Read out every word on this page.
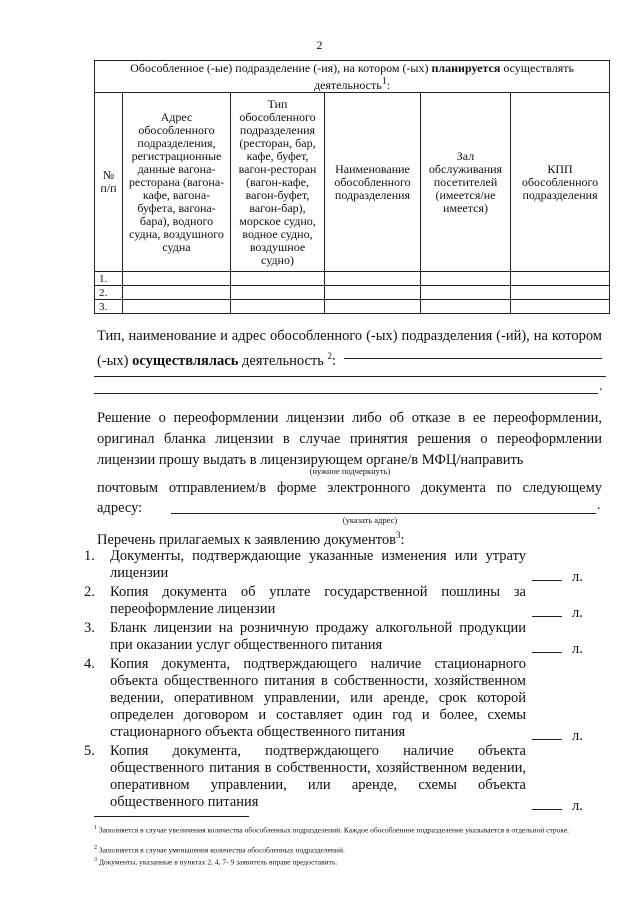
2
Обособленное (-ые) подразделение (-ия), на котором (-ых) планируется осуществлять деятельность$^1$:					
№ п/п	Адрес обособленного подразделения, регистрационные данные вагона-ресторана (вагона-кафе, вагона-буфета, вагона-бара), водного судна, воздушного судна	Тип обособленного подразделения (ресторан, бар, кафе, буфет, вагон-ресторан (вагон-кафе, вагон-буфет, вагон-бар), морское судно, водное судно, воздушное судно)	Наименование обособленного подразделения	Зал обслуживания посетителей (имеется/не имеется)	КПП обособленного подразделения
1.					
2.					
3.					
Тип, наименование и адрес обособленного (-ых) подразделения (-ий), на котором (-ых) осуществлялась деятельность $^2$:
.
Решение о переоформлении лицензии либо об отказе в ее переоформлении, оригинал бланка лицензии в случае принятия решения о переоформлении лицензии прошу выдать в лицензирующем органе/в МФЦ/направить
(нужное подчеркнуть)
почтовым отправлением/в форме электронного документа по следующему адресу:	.
(указать адрес)
Перечень прилагаемых к заявлению документов$^3$:
1. Документы, подтверждающие указанные изменения или утрату лицензии	л.
2. Копия документа об уплате государственной пошлины за переоформление лицензии	л.
3. Бланк лицензии на розничную продажу алкогольной продукции при оказании услуг общественного питания	л.
4. Копия документа, подтверждающего наличие стационарного объекта общественного питания в собственности, хозяйственном ведении, оперативном управлении, или аренде, срок которой определен договором и составляет один год и более, схемы стационарного объекта общественного питания	л.
5. Копия документа, подтверждающего наличие объекта общественного питания в собственности, хозяйственном ведении, оперативном управлении, или аренде, схемы объекта общественного питания	л.
$^1$ Заполняется в случае увеличения количества обособленных подразделений. Каждое обособленное подразделение указывается в отдельной строке.
$^2$ Заполняется в случае уменьшения количества обособленных подразделений.
$^3$ Документы, указанные в пунктах 2, 4, 7- 9 заявитель вправе предоставить.
